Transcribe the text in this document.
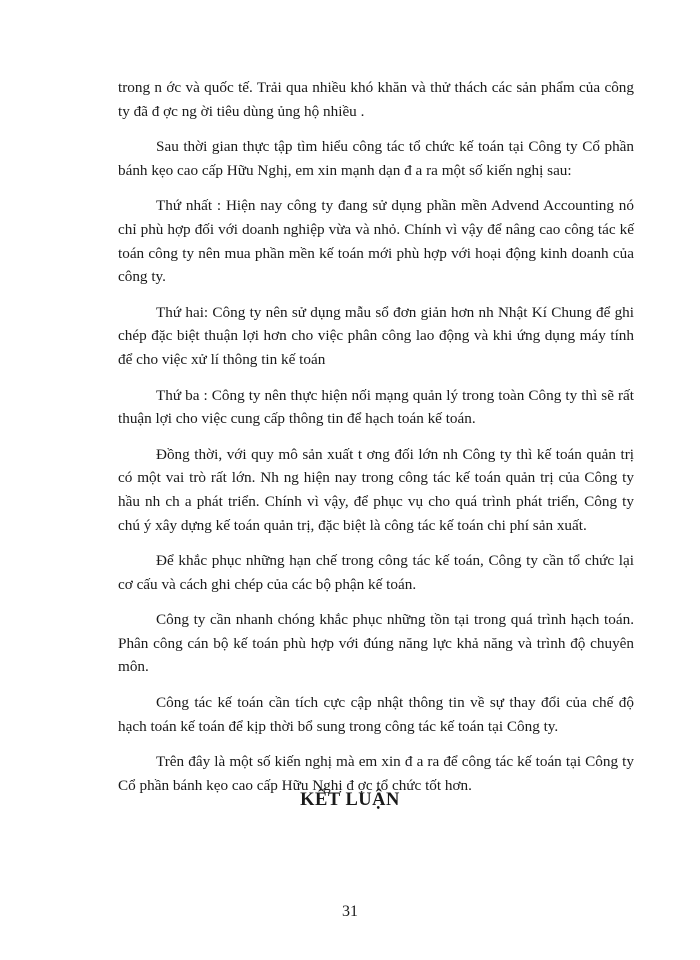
trong n ớc và quốc tế. Trải qua nhiều khó khăn và thử thách các sản phẩm của công ty đã đ ợc ng ời tiêu dùng ủng hộ nhiều .

Sau thời gian thực tập tìm hiểu công tác tổ chức kế toán tại Công ty Cổ phần bánh kẹo cao cấp Hữu Nghị, em xin mạnh dạn đ a ra một số kiến nghị sau:

Thứ nhất : Hiện nay công ty đang sử dụng phần mền Advend Accounting nó chỉ phù hợp đối với doanh nghiệp vừa và nhỏ. Chính vì vậy để nâng cao công tác kế toán công ty nên mua phần mền kế toán mới phù hợp với hoại động kinh doanh của công ty.

Thứ hai: Công ty nên sử dụng mẫu sổ đơn giản hơn nh Nhật Kí Chung để ghi chép đặc biệt thuận lợi hơn cho việc phân công lao động và khi ứng dụng máy tính để cho việc xử lí thông tin kế toán

Thứ ba : Công ty nên thực hiện nối mạng quản lý trong toàn Công ty thì sẽ rất thuận lợi cho việc cung cấp thông tin để hạch toán kế toán.

Đồng thời, với quy mô sản xuất t ơng đối lớn nh Công ty thì kế toán quản trị có một vai trò rất lớn. Nh ng hiện nay trong công tác kế toán quản trị của Công ty hầu nh ch a phát triển. Chính vì vậy, để phục vụ cho quá trình phát triển, Công ty chú ý xây dựng kế toán quản trị, đặc biệt là công tác kế toán chi phí sản xuất.

Để khắc phục những hạn chế trong công tác kế toán, Công ty cần tổ chức lại cơ cấu và cách ghi chép của các bộ phận kế toán.

Công ty cần nhanh chóng khắc phục những tồn tại trong quá trình hạch toán. Phân công cán bộ kế toán phù hợp với đúng năng lực khả năng và trình độ chuyên môn.

Công tác kế toán cần tích cực cập nhật thông tin về sự thay đổi của chế độ hạch toán kế toán để kịp thời bổ sung trong công tác kế toán tại Công ty.

Trên đây là một số kiến nghị mà em xin đ a ra để công tác kế toán tại Công ty Cổ phần bánh kẹo cao cấp Hữu Nghị đ ợc tổ chức tốt hơn.

KẾT LUẬN
31
